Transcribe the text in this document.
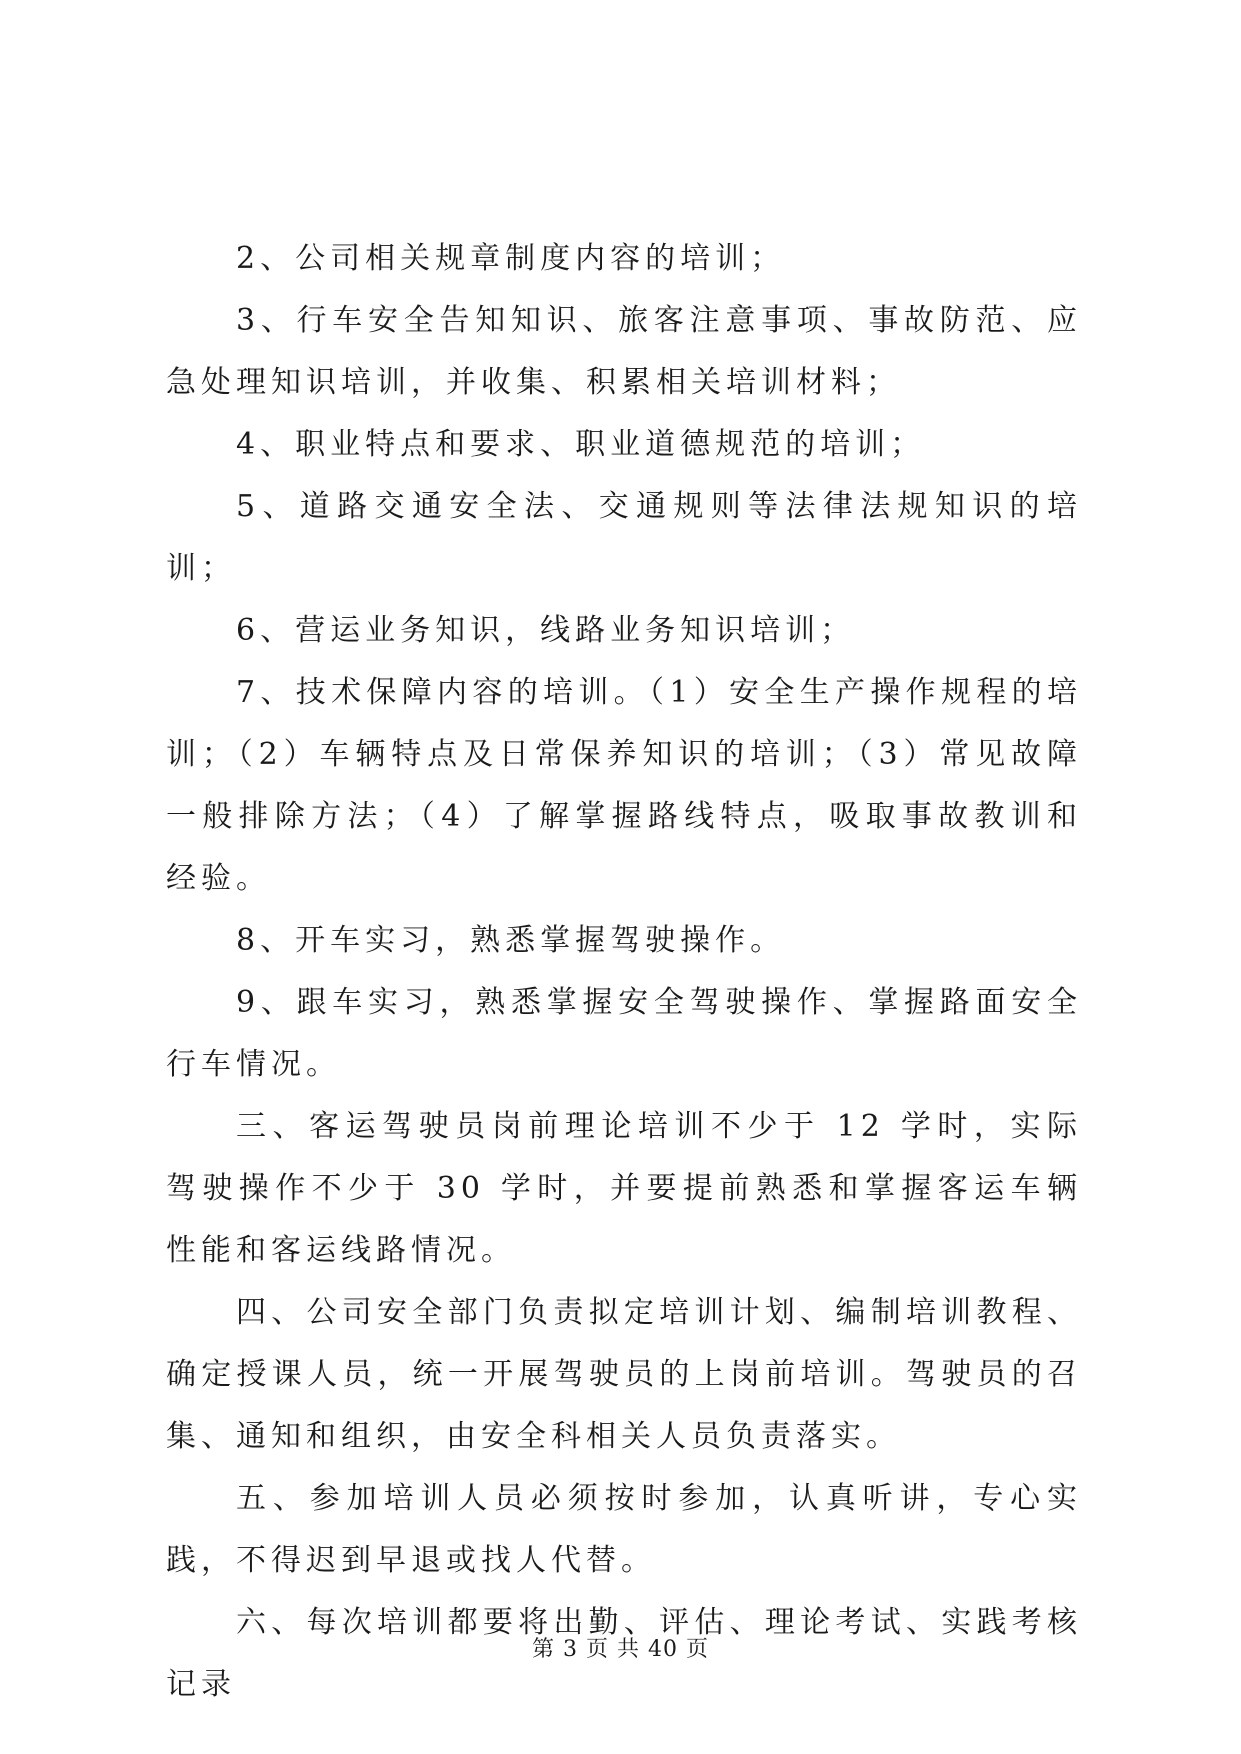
2、公司相关规章制度内容的培训；

3、行车安全告知知识、旅客注意事项、事故防范、应急处理知识培训，并收集、积累相关培训材料；

4、职业特点和要求、职业道德规范的培训；

5、道路交通安全法、交通规则等法律法规知识的培训；

6、营运业务知识，线路业务知识培训；

7、技术保障内容的培训。（1）安全生产操作规程的培训；（2）车辆特点及日常保养知识的培训；（3）常见故障一般排除方法；（4）了解掌握路线特点，吸取事故教训和经验。

8、开车实习，熟悉掌握驾驶操作。

9、跟车实习，熟悉掌握安全驾驶操作、掌握路面安全行车情况。

三、客运驾驶员岗前理论培训不少于 12 学时，实际驾驶操作不少于 30 学时，并要提前熟悉和掌握客运车辆性能和客运线路情况。

四、公司安全部门负责拟定培训计划、编制培训教程、确定授课人员，统一开展驾驶员的上岗前培训。驾驶员的召集、通知和组织，由安全科相关人员负责落实。

五、参加培训人员必须按时参加，认真听讲，专心实践，不得迟到早退或找人代替。

六、每次培训都要将出勤、评估、理论考试、实践考核记录

第 3 页 共 40 页
